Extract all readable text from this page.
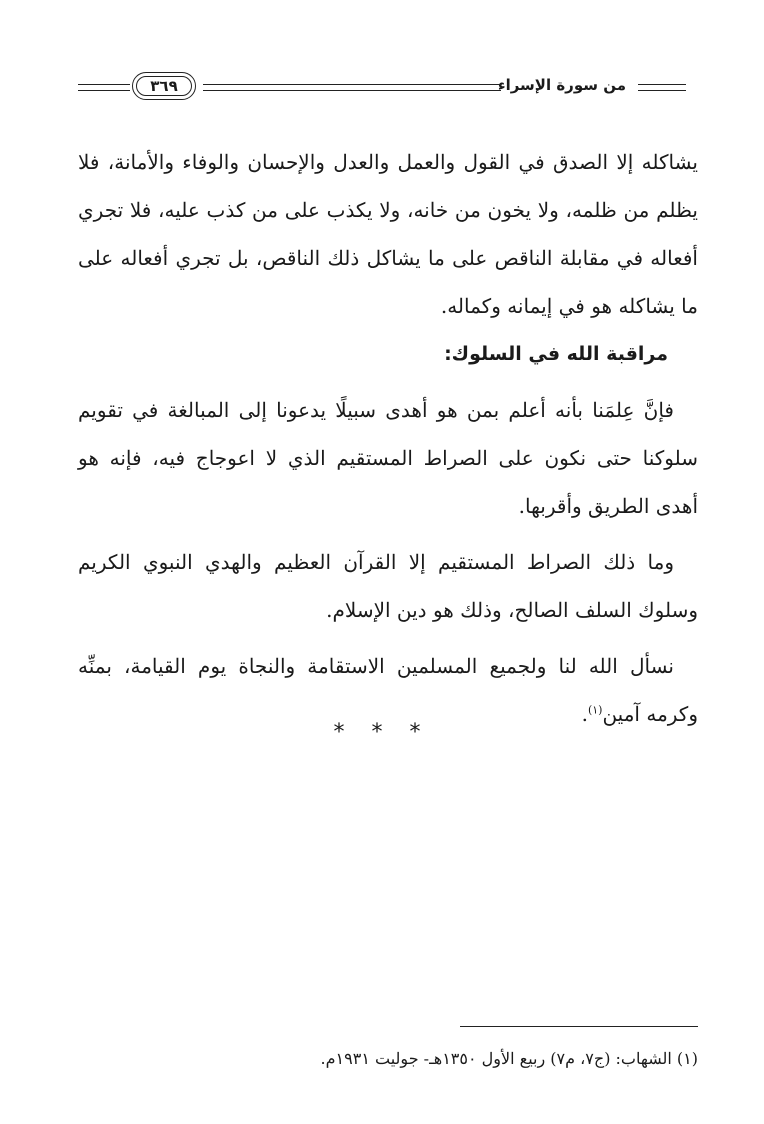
من سورة الإسراء
٣٦٩

يشاكله إلا الصدق في القول والعمل والعدل والإحسان والوفاء والأمانة، فلا يظلم من ظلمه، ولا يخون من خانه، ولا يكذب على من كذب عليه، فلا تجري أفعاله في مقابلة الناقص على ما يشاكل ذلك الناقص، بل تجري أفعاله على ما يشاكله هو في إيمانه وكماله.

مراقبة الله في السلوك:

فإنَّ عِلمَنا بأنه أعلم بمن هو أهدى سبيلًا يدعونا إلى المبالغة في تقويم سلوكنا حتى نكون على الصراط المستقيم الذي لا اعوجاج فيه، فإنه هو أهدى الطريق وأقربها.

وما ذلك الصراط المستقيم إلا القرآن العظيم والهدي النبوي الكريم وسلوك السلف الصالح، وذلك هو دين الإسلام.

نسأل الله لنا ولجميع المسلمين الاستقامة والنجاة يوم القيامة، بمنِّه وكرمه آمين$^{(١)}$.

* * *
(١) الشهاب: (ج٧، م٧) ربيع الأول ١٣٥٠هـ- جوليت ١٩٣١م.
